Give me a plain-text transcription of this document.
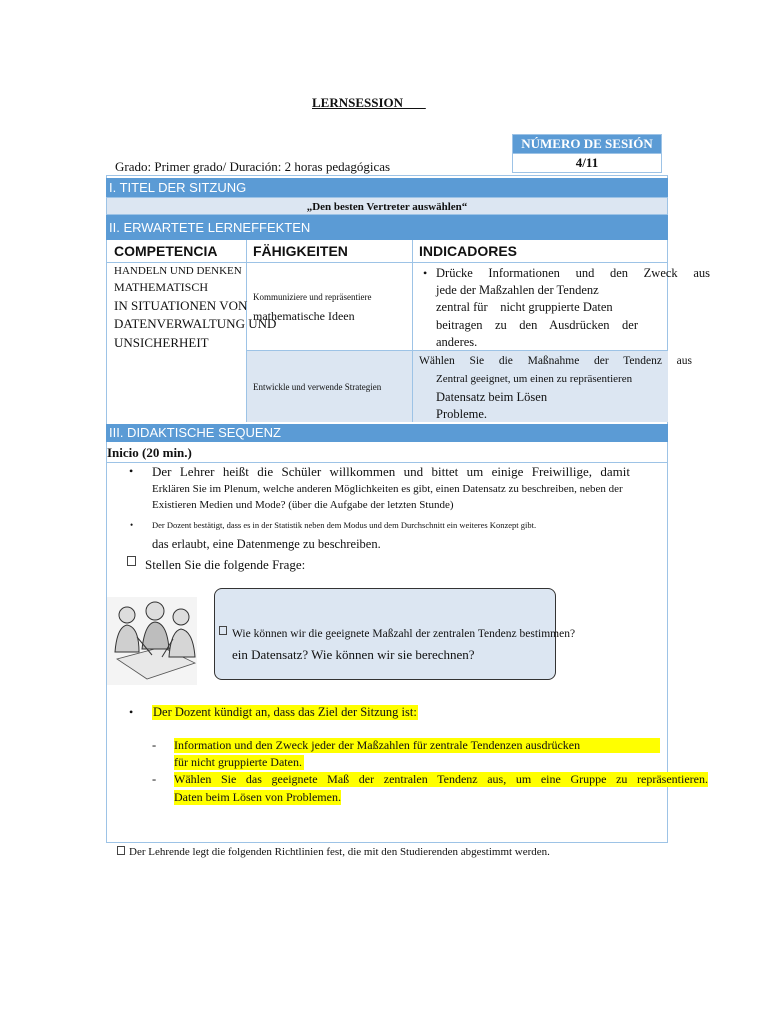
LERNSESSION
NÚMERO DE SESIÓN
4/11
Grado: Primer grado/ Duración: 2 horas pedagógicas
I. TITEL DER SITZUNG
„Den besten Vertreter auswählen“
II. ERWARTETE LERNEFFEKTEN
COMPETENCIA	FÄHIGKEITEN	INDICADORES
HANDELN UND DENKEN
MATHEMATISCH
IN SITUATIONEN VON
DATENVERWALTUNG UND
UNSICHERHEIT
Kommuniziere und repräsentiere
mathematische Ideen
Entwickle und verwende Strategien
• Drücke Informationen und den Zweck aus
jede der Maßzahlen der Tendenz
zentral für    nicht gruppierte Daten
beitragen zu den Ausdrücken der
anderes.
Wählen Sie die Maßnahme der Tendenz aus
Zentral geeignet, um einen zu repräsentieren
Datensatz beim Lösen
Probleme.
III. DIDAKTISCHE SEQUENZ
Inicio (20 min.)
• Der Lehrer heißt die Schüler willkommen und bittet um einige Freiwillige, damit
Erklären Sie im Plenum, welche anderen Möglichkeiten es gibt, einen Datensatz zu beschreiben, neben der
Existieren Medien und Mode? (über die Aufgabe der letzten Stunde)
• Der Dozent bestätigt, dass es in der Statistik neben dem Modus und dem Durchschnitt ein weiteres Konzept gibt.
das erlaubt, eine Datenmenge zu beschreiben.
Stellen Sie die folgende Frage:
Wie können wir die geeignete Maßzahl der zentralen Tendenz bestimmen?
ein Datensatz? Wie können wir sie berechnen?
• Der Dozent kündigt an, dass das Ziel der Sitzung ist:
- Information und den Zweck jeder der Maßzahlen für zentrale Tendenzen ausdrücken
für nicht gruppierte Daten.
- Wählen Sie das geeignete Maß der zentralen Tendenz aus, um eine Gruppe zu repräsentieren.
Daten beim Lösen von Problemen.
Der Lehrende legt die folgenden Richtlinien fest, die mit den Studierenden abgestimmt werden.
